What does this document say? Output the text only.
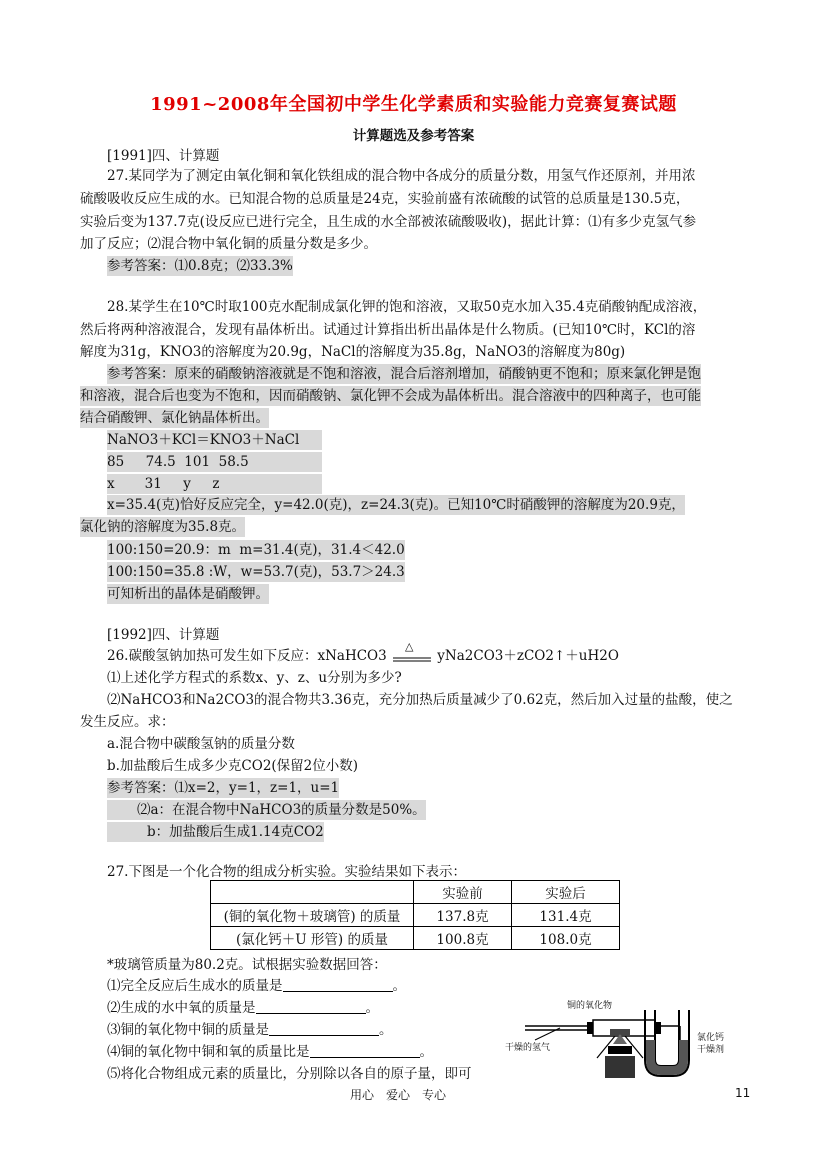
1991~2008年全国初中学生化学素质和实验能力竞赛复赛试题
计算题选及参考答案
[1991]四、计算题
27.某同学为了测定由氧化铜和氧化铁组成的混合物中各成分的质量分数，用氢气作还原剂，并用浓
硫酸吸收反应生成的水。已知混合物的总质量是24克，实验前盛有浓硫酸的试管的总质量是130.5克，
实验后变为137.7克(设反应已进行完全，且生成的水全部被浓硫酸吸收)，据此计算：⑴有多少克氢气参
加了反应；⑵混合物中氧化铜的质量分数是多少。
参考答案：⑴0.8克；⑵33.3%
28.某学生在10℃时取100克水配制成氯化钾的饱和溶液，又取50克水加入35.4克硝酸钠配成溶液，
然后将两种溶液混合，发现有晶体析出。试通过计算指出析出晶体是什么物质。(已知10℃时，KCl的溶
解度为31g，KNO3的溶解度为20.9g，NaCl的溶解度为35.8g，NaNO3的溶解度为80g)
参考答案：原来的硝酸钠溶液就是不饱和溶液，混合后溶剂增加，硝酸钠更不饱和；原来氯化钾是饱
和溶液，混合后也变为不饱和，因而硝酸钠、氯化钾不会成为晶体析出。混合溶液中的四种离子，也可能
结合硝酸钾、氯化钠晶体析出。
NaNO3＋KCl＝KNO3＋NaCl
85     74.5  101  58.5
x       31     y     z
x=35.4(克)恰好反应完全，y=42.0(克)，z=24.3(克)。已知10℃时硝酸钾的溶解度为20.9克，
氯化钠的溶解度为35.8克。
100:150=20.9：m  m=31.4(克)，31.4＜42.0
100:150=35.8 :W，w=53.7(克)，53.7＞24.3
可知析出的晶体是硝酸钾。
[1992]四、计算题
⑴上述化学方程式的系数x、y、z、u分别为多少?
⑵NaHCO3和Na2CO3的混合物共3.36克，充分加热后质量减少了0.62克，然后加入过量的盐酸，使之
发生反应。求：
a.混合物中碳酸氢钠的质量分数
b.加盐酸后生成多少克CO2(保留2位小数)
参考答案：⑴x=2，y=1，z=1，u=1
⑵a：在混合物中NaHCO3的质量分数是50%。
b：加盐酸后生成1.14克CO2
27.下图是一个化合物的组成分析实验。实验结果如下表示：
*玻璃管质量为80.2克。试根据实验数据回答：
26.碳酸氢钠加热可发生如下反应：xNaHCO3
△
yNa2CO3＋zCO2↑＋uH2O
	实验前	实验后
(铜的氧化物＋玻璃管) 的质量	137.8克	131.4克
(氯化钙＋U 形管) 的质量	100.8克	108.0克
⑴完全反应后生成水的质量是	。
⑵生成的水中氧的质量是	。
⑶铜的氧化物中铜的质量是	。
⑷铜的氧化物中铜和氧的质量比是	。
⑸将化合物组成元素的质量比，分别除以各自的原子量，即可
铜的氧化物
干燥的氢气
氯化钙
干燥剂
用心　爱心　专心	11
